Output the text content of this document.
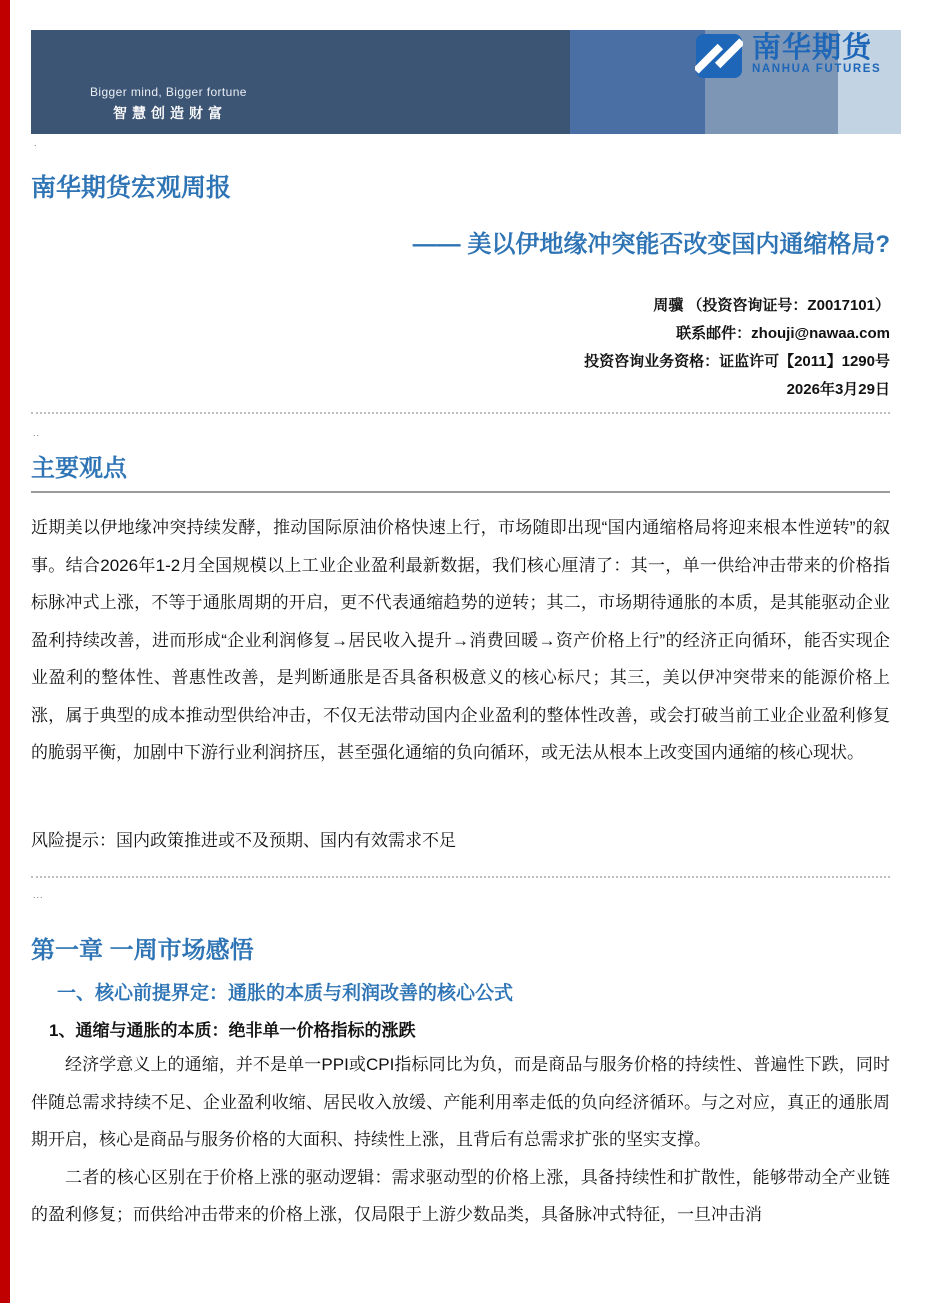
Bigger mind, Bigger fortune
智慧创造财富
南华期货
NANHUA FUTURES
.
南华期货宏观周报
—— 美以伊地缘冲突能否改变国内通缩格局?
周骥 （投资咨询证号：Z0017101）
联系邮件：zhouji@nawaa.com
投资咨询业务资格：证监许可【2011】1290号
2026年3月29日
..
主要观点
近期美以伊地缘冲突持续发酵，推动国际原油价格快速上行，市场随即出现“国内通缩格局将迎来根本性逆转”的叙事。结合2026年1-2月全国规模以上工业企业盈利最新数据，我们核心厘清了：其一，单一供给冲击带来的价格指标脉冲式上涨，不等于通胀周期的开启，更不代表通缩趋势的逆转；其二，市场期待通胀的本质，是其能驱动企业盈利持续改善，进而形成“企业利润修复→居民收入提升→消费回暖→资产价格上行”的经济正向循环，能否实现企业盈利的整体性、普惠性改善，是判断通胀是否具备积极意义的核心标尺；其三，美以伊冲突带来的能源价格上涨，属于典型的成本推动型供给冲击，不仅无法带动国内企业盈利的整体性改善，或会打破当前工业企业盈利修复的脆弱平衡，加剧中下游行业利润挤压，甚至强化通缩的负向循环，或无法从根本上改变国内通缩的核心现状。
风险提示：国内政策推进或不及预期、国内有效需求不足
...
第一章 一周市场感悟
一、核心前提界定：通胀的本质与利润改善的核心公式
1、通缩与通胀的本质：绝非单一价格指标的涨跌

经济学意义上的通缩，并不是单一PPI或CPI指标同比为负，而是商品与服务价格的持续性、普遍性下跌，同时伴随总需求持续不足、企业盈利收缩、居民收入放缓、产能利用率走低的负向经济循环。与之对应，真正的通胀周期开启，核心是商品与服务价格的大面积、持续性上涨，且背后有总需求扩张的坚实支撑。

二者的核心区别在于价格上涨的驱动逻辑：需求驱动型的价格上涨，具备持续性和扩散性，能够带动全产业链的盈利修复；而供给冲击带来的价格上涨，仅局限于上游少数品类，具备脉冲式特征，一旦冲击消
